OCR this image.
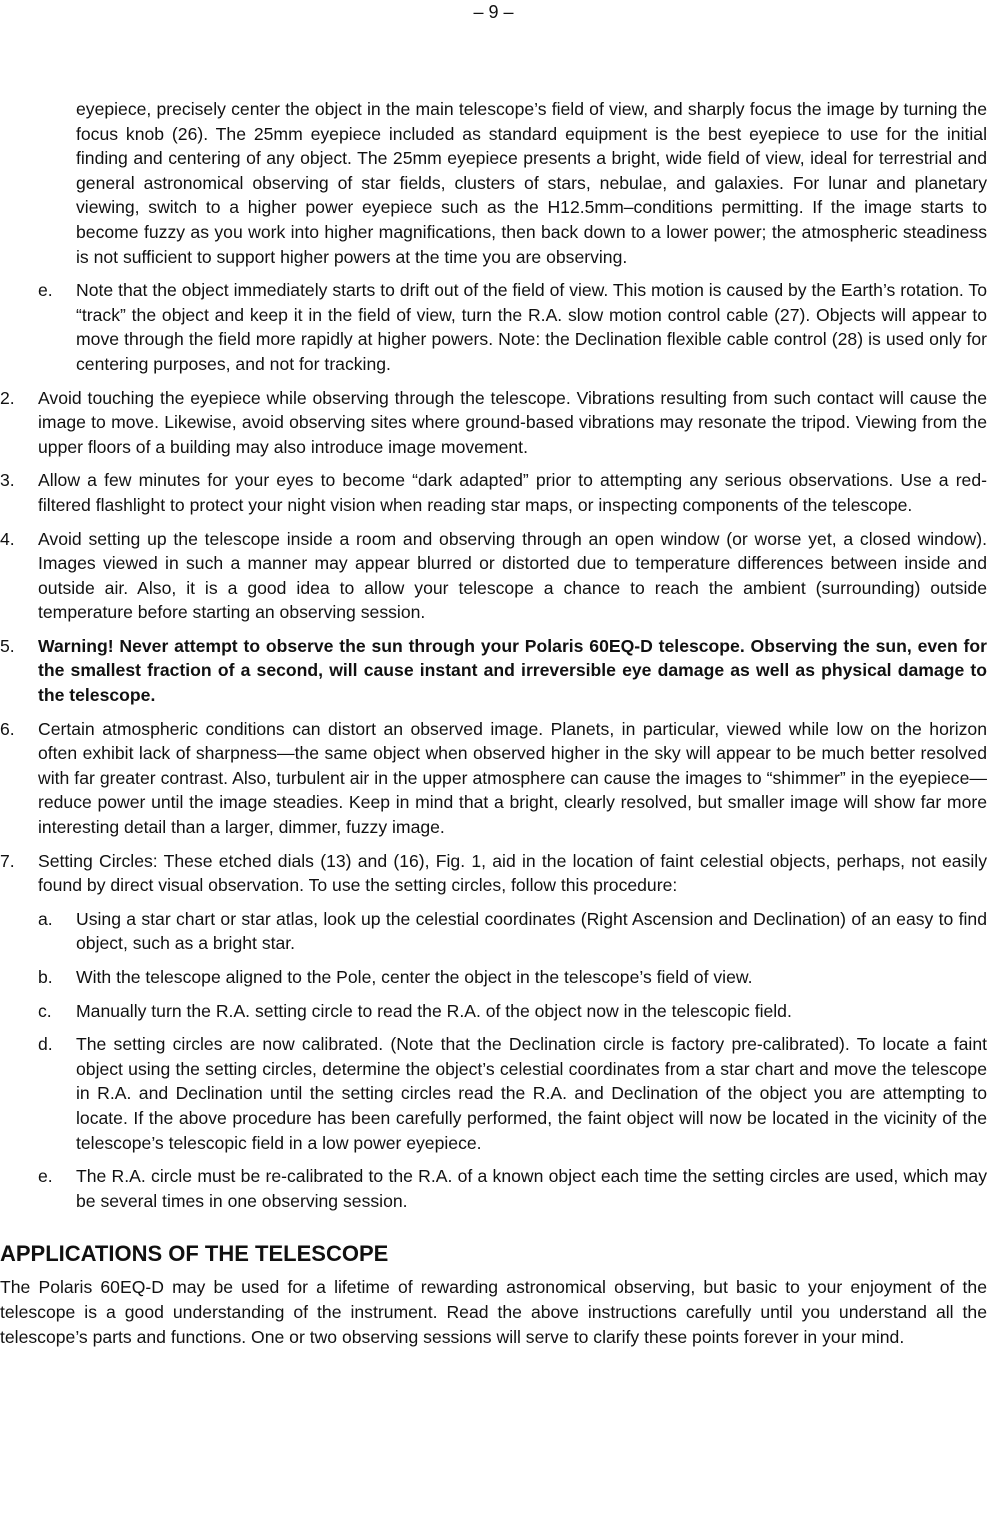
– 9 –

eyepiece, precisely center the object in the main telescope’s field of view, and sharply focus the image by turning the focus knob (26). The 25mm eyepiece included as standard equipment is the best eyepiece to use for the initial finding and centering of any object. The 25mm eyepiece presents a bright, wide field of view, ideal for terrestrial and general astronomical observing of star fields, clusters of stars, nebulae, and galaxies. For lunar and planetary viewing, switch to a higher power eyepiece such as the H12.5mm–conditions permitting. If the image starts to become fuzzy as you work into higher magnifications, then back down to a lower power; the atmospheric steadiness is not sufficient to support higher powers at the time you are observing.

e. Note that the object immediately starts to drift out of the field of view. This motion is caused by the Earth’s rotation. To “track” the object and keep it in the field of view, turn the R.A. slow motion control cable (27). Objects will appear to move through the field more rapidly at higher powers. Note: the Declination flexible cable control (28) is used only for centering purposes, and not for tracking.
2. Avoid touching the eyepiece while observing through the telescope. Vibrations resulting from such contact will cause the image to move. Likewise, avoid observing sites where ground-based vibrations may resonate the tripod. Viewing from the upper floors of a building may also introduce image movement.
3. Allow a few minutes for your eyes to become “dark adapted” prior to attempting any serious observations. Use a red-filtered flashlight to protect your night vision when reading star maps, or inspecting components of the telescope.
4. Avoid setting up the telescope inside a room and observing through an open window (or worse yet, a closed window). Images viewed in such a manner may appear blurred or distorted due to temperature differences between inside and outside air. Also, it is a good idea to allow your telescope a chance to reach the ambient (surrounding) outside temperature before starting an observing session.
5. Warning! Never attempt to observe the sun through your Polaris 60EQ-D telescope. Observing the sun, even for the smallest fraction of a second, will cause instant and irreversible eye damage as well as physical damage to the telescope.
6. Certain atmospheric conditions can distort an observed image. Planets, in particular, viewed while low on the horizon often exhibit lack of sharpness—the same object when observed higher in the sky will appear to be much better resolved with far greater contrast. Also, turbulent air in the upper atmosphere can cause the images to “shimmer” in the eyepiece—reduce power until the image steadies. Keep in mind that a bright, clearly resolved, but smaller image will show far more interesting detail than a larger, dimmer, fuzzy image.
7. Setting Circles: These etched dials (13) and (16), Fig. 1, aid in the location of faint celestial objects, perhaps, not easily found by direct visual observation. To use the setting circles, follow this procedure:
a. Using a star chart or star atlas, look up the celestial coordinates (Right Ascension and Declination) of an easy to find object, such as a bright star.
b. With the telescope aligned to the Pole, center the object in the telescope’s field of view.
c. Manually turn the R.A. setting circle to read the R.A. of the object now in the telescopic field.
d. The setting circles are now calibrated. (Note that the Declination circle is factory pre-calibrated). To locate a faint object using the setting circles, determine the object’s celestial coordinates from a star chart and move the telescope in R.A. and Declination until the setting circles read the R.A. and Declination of the object you are attempting to locate. If the above procedure has been carefully performed, the faint object will now be located in the vicinity of the telescope’s telescopic field in a low power eyepiece.
e. The R.A. circle must be re-calibrated to the R.A. of a known object each time the setting circles are used, which may be several times in one observing session.
APPLICATIONS OF THE TELESCOPE

The Polaris 60EQ-D may be used for a lifetime of rewarding astronomical observing, but basic to your enjoyment of the telescope is a good understanding of the instrument. Read the above instructions carefully until you understand all the telescope’s parts and functions. One or two observing sessions will serve to clarify these points forever in your mind.
